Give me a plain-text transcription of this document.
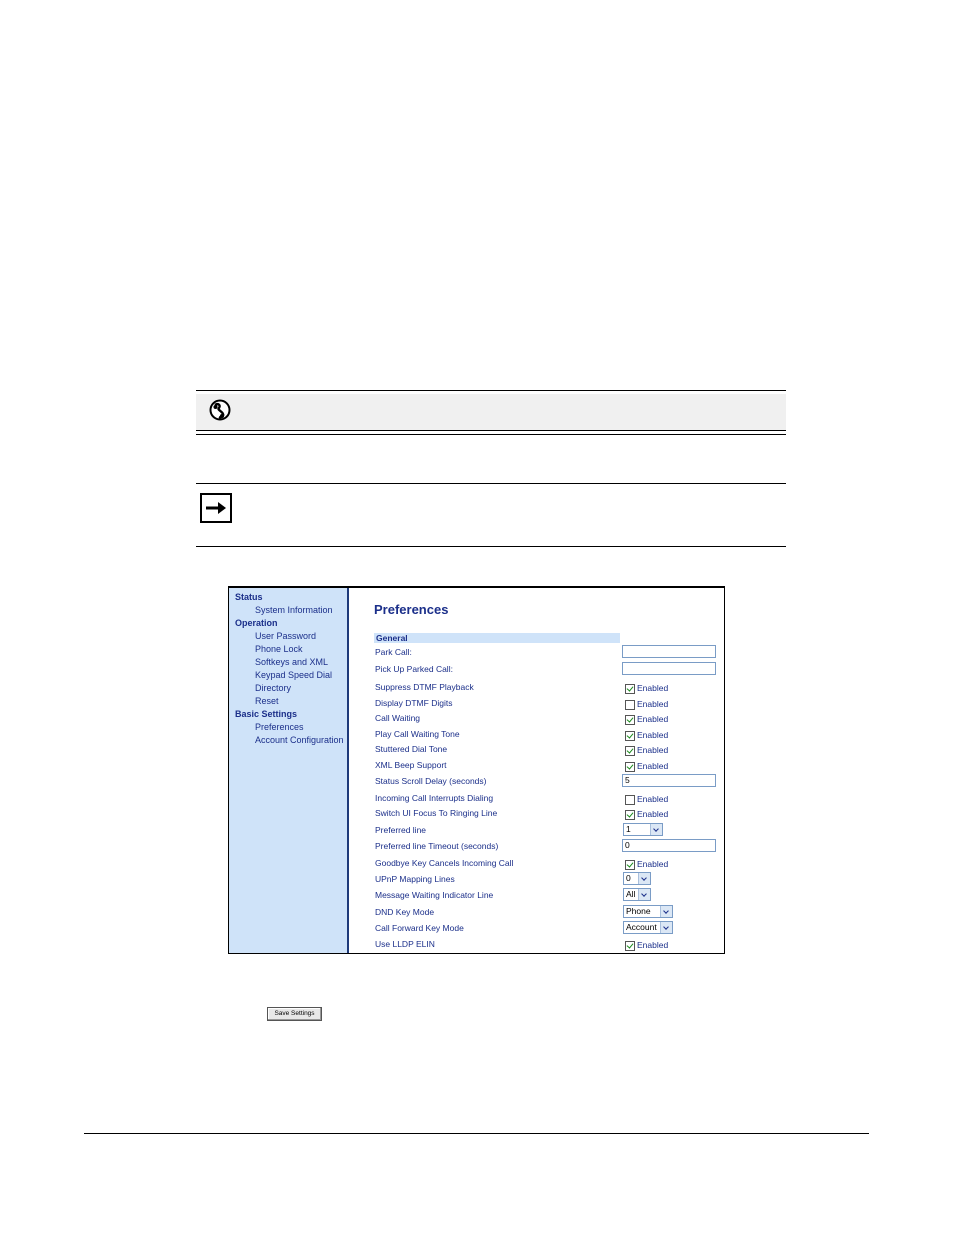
Status
System Information
Operation
User Password
Phone Lock
Softkeys and XML
Keypad Speed Dial
Directory
Reset
Basic Settings
Preferences
Account Configuration
Preferences
General
Park Call:
Pick Up Parked Call:
Suppress DTMF Playback	Enabled
Display DTMF Digits	Enabled
Call Waiting	Enabled
Play Call Waiting Tone	Enabled
Stuttered Dial Tone	Enabled
XML Beep Support	Enabled
Status Scroll Delay (seconds)	5
Incoming Call Interrupts Dialing	Enabled
Switch UI Focus To Ringing Line	Enabled
Preferred line	1
Preferred line Timeout (seconds)	0
Goodbye Key Cancels Incoming Call	Enabled
UPnP Mapping Lines	0
Message Waiting Indicator Line	All
DND Key Mode	Phone
Call Forward Key Mode	Account
Use LLDP ELIN	Enabled
Save Settings
